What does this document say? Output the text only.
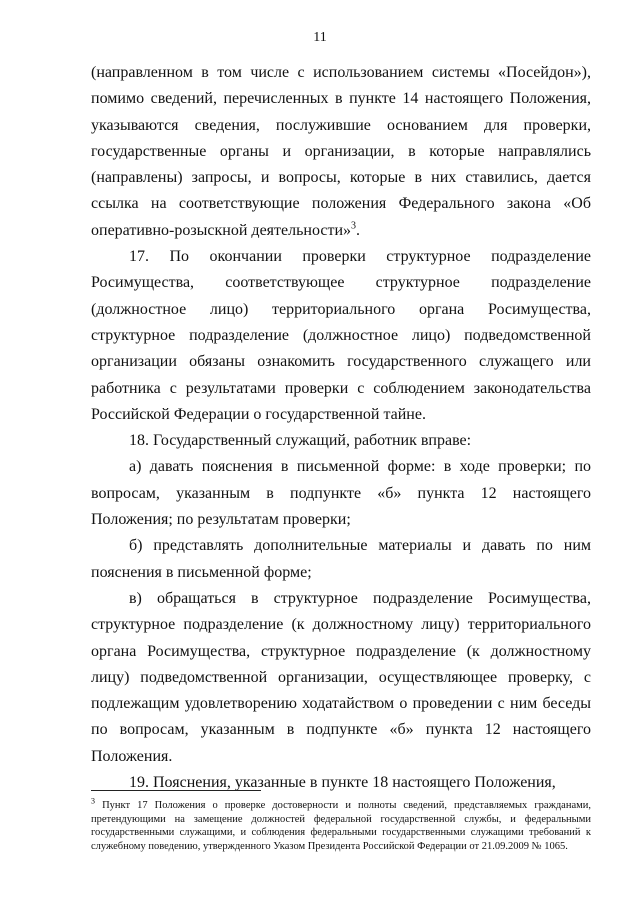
11

(направленном в том числе с использованием системы «Посейдон»), помимо сведений, перечисленных в пункте 14 настоящего Положения, указываются сведения, послужившие основанием для проверки, государственные органы и организации, в которые направлялись (направлены) запросы, и вопросы, которые в них ставились, дается ссылка на соответствующие положения Федерального закона «Об оперативно-розыскной деятельности»$^3$.

17. По окончании проверки структурное подразделение Росимущества, соответствующее структурное подразделение (должностное лицо) территориального органа Росимущества, структурное подразделение (должностное лицо) подведомственной организации обязаны ознакомить государственного служащего или работника с результатами проверки с соблюдением законодательства Российской Федерации о государственной тайне.

18. Государственный служащий, работник вправе:

а) давать пояснения в письменной форме: в ходе проверки; по вопросам, указанным в подпункте «б» пункта 12 настоящего Положения; по результатам проверки;

б) представлять дополнительные материалы и давать по ним пояснения в письменной форме;

в) обращаться в структурное подразделение Росимущества, структурное подразделение (к должностному лицу) территориального органа Росимущества, структурное подразделение (к должностному лицу) подведомственной организации, осуществляющее проверку, с подлежащим удовлетворению ходатайством о проведении с ним беседы по вопросам, указанным в подпункте «б» пункта 12 настоящего Положения.

19. Пояснения, указанные в пункте 18 настоящего Положения,

$^3$ Пункт 17 Положения о проверке достоверности и полноты сведений, представляемых гражданами, претендующими на замещение должностей федеральной государственной службы, и федеральными государственными служащими, и соблюдения федеральными государственными служащими требований к служебному поведению, утвержденного Указом Президента Российской Федерации от 21.09.2009 № 1065.
